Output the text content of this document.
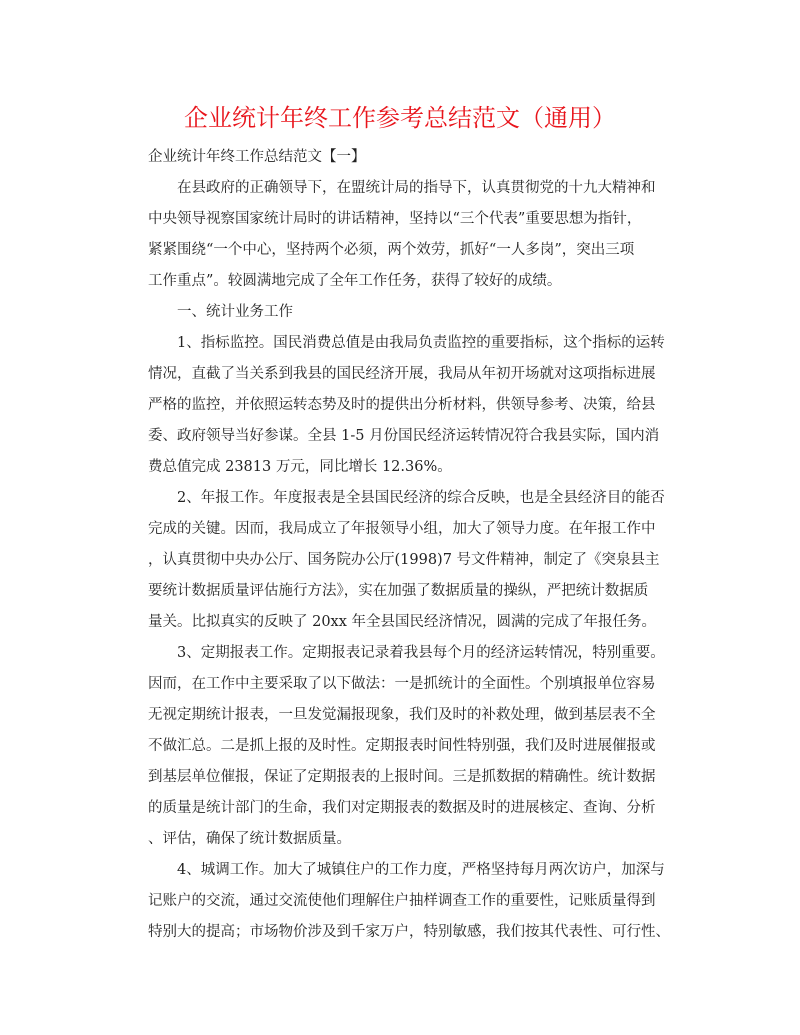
企业统计年终工作参考总结范文（通用）
企业统计年终工作总结范文【一】
　　在县政府的正确领导下，在盟统计局的指导下，认真贯彻党的十九大精神和
中央领导视察国家统计局时的讲话精神，坚持以“三个代表”重要思想为指针，
紧紧围绕“一个中心，坚持两个必须，两个效劳，抓好“一人多岗”，突出三项
工作重点”。较圆满地完成了全年工作任务，获得了较好的成绩。
　　一、统计业务工作
　　1、指标监控。国民消费总值是由我局负责监控的重要指标，这个指标的运转
情况，直截了当关系到我县的国民经济开展，我局从年初开场就对这项指标进展
严格的监控，并依照运转态势及时的提供出分析材料，供领导参考、决策，给县
委、政府领导当好参谋。全县 1-5 月份国民经济运转情况符合我县实际，国内消
费总值完成 23813 万元，同比增长 12.36%。
　　2、年报工作。年度报表是全县国民经济的综合反映，也是全县经济目的能否
完成的关键。因而，我局成立了年报领导小组，加大了领导力度。在年报工作中
，认真贯彻中央办公厅、国务院办公厅(1998)7 号文件精神，制定了《突泉县主
要统计数据质量评估施行方法》，实在加强了数据质量的操纵，严把统计数据质
量关。比拟真实的反映了 20xx 年全县国民经济情况，圆满的完成了年报任务。
　　3、定期报表工作。定期报表记录着我县每个月的经济运转情况，特别重要。
因而，在工作中主要采取了以下做法：一是抓统计的全面性。个别填报单位容易
无视定期统计报表，一旦发觉漏报现象，我们及时的补救处理，做到基层表不全
不做汇总。二是抓上报的及时性。定期报表时间性特别强，我们及时进展催报或
到基层单位催报，保证了定期报表的上报时间。三是抓数据的精确性。统计数据
的质量是统计部门的生命，我们对定期报表的数据及时的进展核定、查询、分析
、评估，确保了统计数据质量。
　　4、城调工作。加大了城镇住户的工作力度，严格坚持每月两次访户，加深与
记账户的交流，通过交流使他们理解住户抽样调查工作的重要性，记账质量得到
特别大的提高；市场物价涉及到千家万户，特别敏感，我们按其代表性、可行性、
